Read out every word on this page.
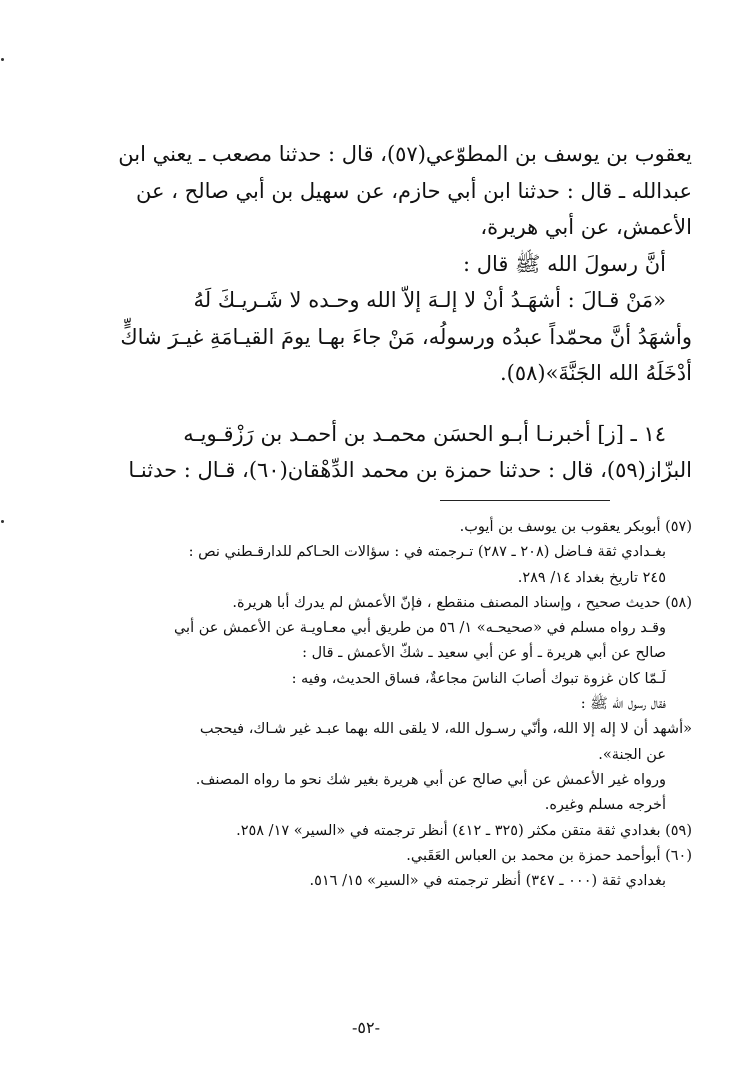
يعقوب بن يوسف بن المطوّعي(٥٧)، قال : حدثنا مصعب ـ يعني ابن

عبدالله ـ قال : حدثنا ابن أبي حازم، عن سهيل بن أبي صالح ، عن

الأعمش، عن أبي هريرة،

أنَّ رسولَ الله ﷺ قال :

«مَنْ قـالَ : أشهَـدُ أنْ لا إلـهَ إلاّ الله وحـده لا شَـريـكَ لَهُ

وأشهَدُ أنَّ محمّداً عبدُه ورسولُه، مَنْ جاءَ بهـا يومَ القيـامَةِ غيـرَ شاكٍّ

أدْخَلَهُ الله الجَنَّةَ»(٥٨).

١٤ ـ [ز] أخبرنـا أبـو الحسَن محمـد بن أحمـد بن رَزْقـويـه

البزّاز(٥٩)، قال : حدثنا حمزة بن محمد الدِّهْقان(٦٠)، قـال : حدثنـا

(٥٧) أبوبكر يعقوب بن يوسف بن أيوب.

بغـدادي ثقة فـاضل (٢٠٨ ـ ٢٨٧) تـرجمته في : سؤالات الحـاكم للدارقـطني نص :

٢٤٥ تاريخ بغداد ١٤/ ٢٨٩.

(٥٨) حديث صحيح ، وإسناد المصنف منقطع ، فإنّ الأعمش لم يدرك أبا هريرة.

وقـد رواه مسلم في «صحيحـه» ١/ ٥٦ من طريق أبي معـاويـة عن الأعمش عن أبي

صالح عن أبي هريرة ـ أو عن أبي سعيد ـ شكّ الأعمش ـ قال :

لَـمّا كان غزوة تبوك أصابَ الناسَ مجاعةٌ، فساق الحديث، وفيه :

فقال رسول الله ﷺ :

«أشهد أن لا إله إلا الله، وأنّي رسـول الله، لا يلقى الله بهما عبـد غير شـاك، فيحجب

عن الجنة».

ورواه غير الأعمش عن أبي صالح عن أبي هريرة بغير شك نحو ما رواه المصنف.

أخرجه مسلم وغيره.

(٥٩) بغدادي ثقة متقن مكثر (٣٢٥ ـ ٤١٢) أنظر ترجمته في «السير» ١٧/ ٢٥٨.

(٦٠) أبوأحمد حمزة بن محمد بن العباس العَقَبي.

بغدادي ثقة (٠٠٠ ـ ٣٤٧) أنظر ترجمته في «السير» ١٥/ ٥١٦.

-٥٢-
